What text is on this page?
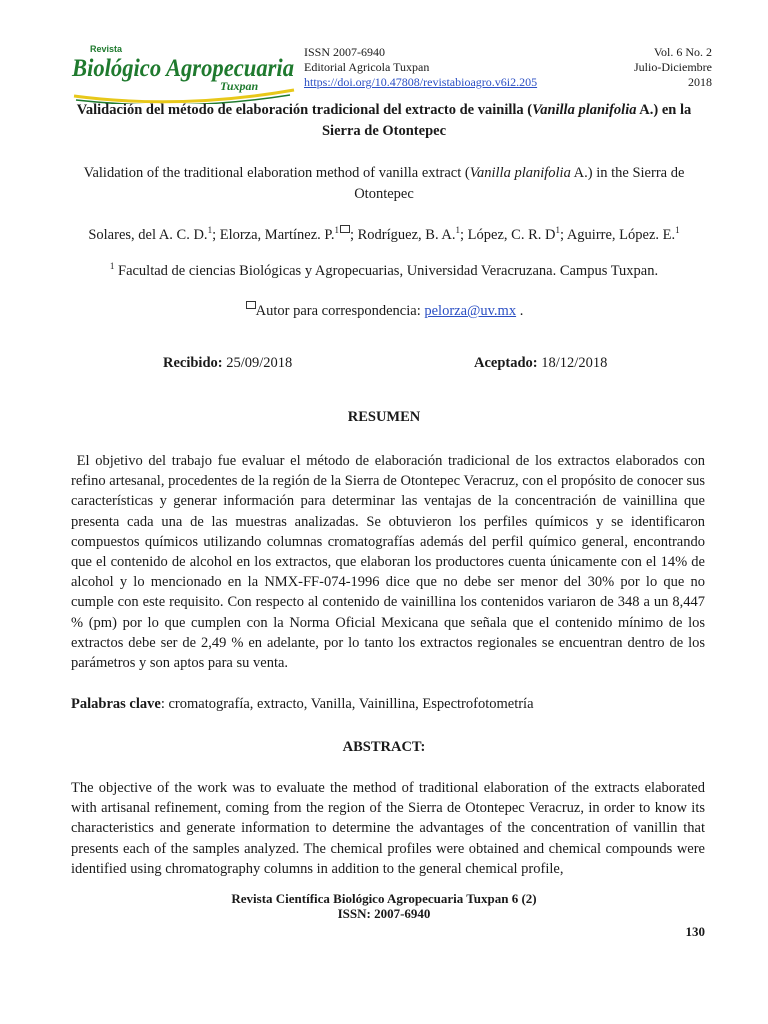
Revista
Biológico Agropecuaria
Tuxpan
ISSN 2007-6940
Editorial Agricola Tuxpan
https://doi.org/10.47808/revistabioagro.v6i2.205
Vol. 6 No. 2
Julio-Diciembre
2018
Validación del método de elaboración tradicional del extracto de vainilla (Vanilla planifolia A.) en la Sierra de Otontepec
Validation of the traditional elaboration method of vanilla extract (Vanilla planifolia A.) in the Sierra de Otontepec
Solares, del A. C. D.$^1$; Elorza, Martínez. P.$^1$ ; Rodríguez, B. A.$^1$; López, C. R. $D^1$; Aguirre, López. E.$^1$
$^1$ Facultad de ciencias Biológicas y Agropecuarias, Universidad Veracruzana. Campus Tuxpan.
Autor para correspondencia: pelorza@uv.mx .
Recibido: 25/09/2018	Aceptado: 18/12/2018
RESUMEN
El objetivo del trabajo fue evaluar el método de elaboración tradicional de los extractos elaborados con refino artesanal, procedentes de la región de la Sierra de Otontepec Veracruz, con el propósito de conocer sus características y generar información para determinar las ventajas de la concentración de vainillina que presenta cada una de las muestras analizadas. Se obtuvieron los perfiles químicos y se identificaron compuestos químicos utilizando columnas cromatografías además del perfil químico general, encontrando que el contenido de alcohol en los extractos, que elaboran los productores cuenta únicamente con el 14% de alcohol y lo mencionado en la NMX-FF-074-1996 dice que no debe ser menor del 30% por lo que no cumple con este requisito. Con respecto al contenido de vainillina los contenidos variaron de 348 a un 8,447 % (pm) por lo que cumplen con la Norma Oficial Mexicana que señala que el contenido mínimo de los extractos debe ser de 2,49 % en adelante, por lo tanto los extractos regionales se encuentran dentro de los parámetros y son aptos para su venta.
Palabras clave: cromatografía, extracto, Vanilla, Vainillina, Espectrofotometría
ABSTRACT:
The objective of the work was to evaluate the method of traditional elaboration of the extracts elaborated with artisanal refinement, coming from the region of the Sierra de Otontepec Veracruz, in order to know its characteristics and generate information to determine the advantages of the concentration of vanillin that presents each of the samples analyzed. The chemical profiles were obtained and chemical compounds were identified using chromatography columns in addition to the general chemical profile,
Revista Científica Biológico Agropecuaria Tuxpan 6 (2)
ISSN: 2007-6940
130
